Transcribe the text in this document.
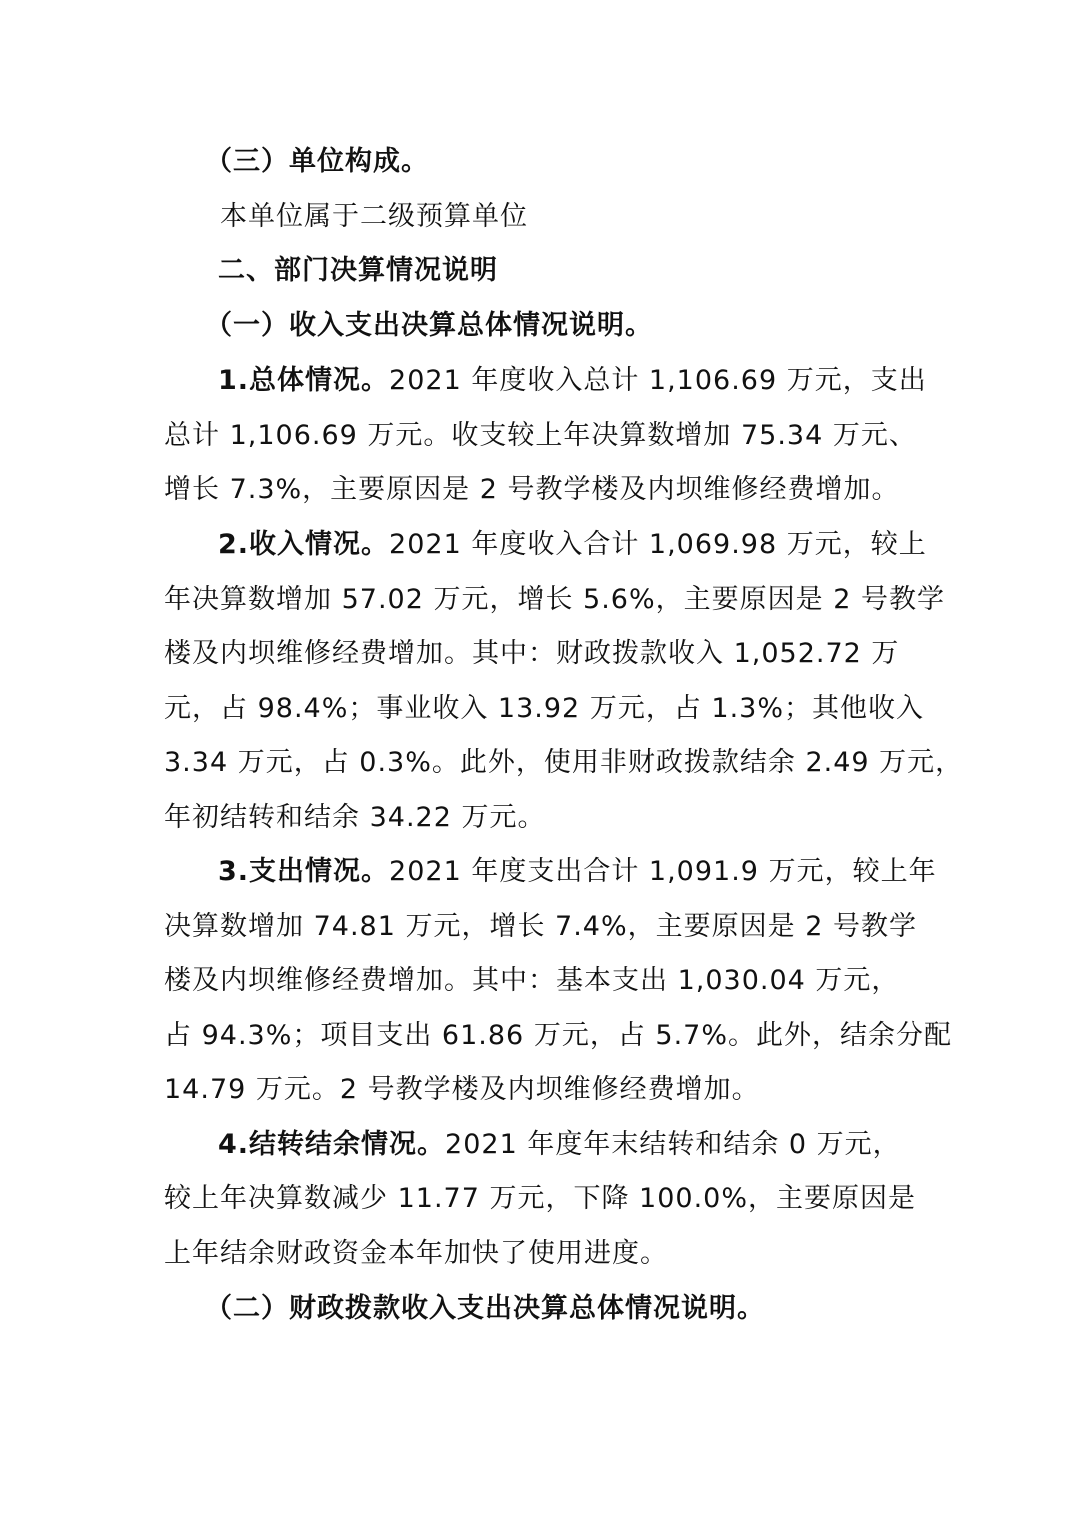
（三）单位构成。
本单位属于二级预算单位
二、部门决算情况说明
（一）收入支出决算总体情况说明。
1.总体情况。2021 年度收入总计 1,106.69 万元，支出
总计 1,106.69 万元。收支较上年决算数增加 75.34 万元、
增长 7.3%，主要原因是 2 号教学楼及内坝维修经费增加。
2.收入情况。2021 年度收入合计 1,069.98 万元，较上
年决算数增加 57.02 万元，增长 5.6%，主要原因是 2 号教学
楼及内坝维修经费增加。其中：财政拨款收入 1,052.72 万
元，占 98.4%；事业收入 13.92 万元，占 1.3%；其他收入
3.34 万元，占 0.3%。此外，使用非财政拨款结余 2.49 万元，
年初结转和结余 34.22 万元。
3.支出情况。2021 年度支出合计 1,091.9 万元，较上年
决算数增加 74.81 万元，增长 7.4%，主要原因是 2 号教学
楼及内坝维修经费增加。其中：基本支出 1,030.04 万元，
占 94.3%；项目支出 61.86 万元，占 5.7%。此外，结余分配
14.79 万元。2 号教学楼及内坝维修经费增加。
4.结转结余情况。2021 年度年末结转和结余 0 万元，
较上年决算数减少 11.77 万元，下降 100.0%，主要原因是
上年结余财政资金本年加快了使用进度。
（二）财政拨款收入支出决算总体情况说明。
